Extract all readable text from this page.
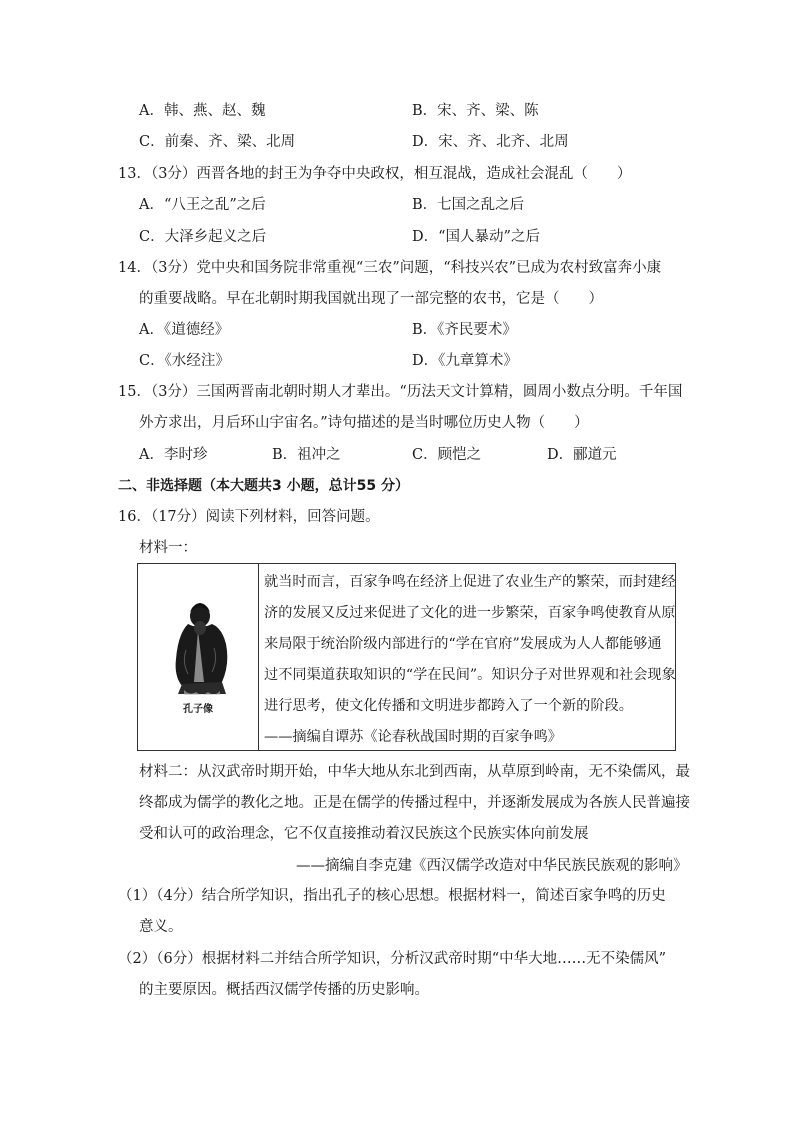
A．韩、燕、赵、魏	B．宋、齐、梁、陈
C．前秦、齐、梁、北周	D．宋、齐、北齐、北周
13．（3分）西晋各地的封王为争夺中央政权，相互混战，造成社会混乱（　　）
A．“八王之乱”之后	B．七国之乱之后
C．大泽乡起义之后	D．“国人暴动”之后
14．（3分）党中央和国务院非常重视“三农”问题，“科技兴农”已成为农村致富奔小康
的重要战略。早在北朝时期我国就出现了一部完整的农书，它是（　　）
A．《道德经》	B．《齐民要术》
C．《水经注》	D．《九章算术》
15．（3分）三国两晋南北朝时期人才辈出。“历法天文计算精，圆周小数点分明。千年国
外方求出，月后环山宇宙名。”诗句描述的是当时哪位历史人物（　　）
A．李时珍	B．祖冲之	C．顾恺之	D．郦道元
二、非选择题（本大题共3 小题，总计55 分）
16．（17分）阅读下列材料，回答问题。
材料一：
孔子像
就当时而言，百家争鸣在经济上促进了农业生产的繁荣，而封建经
济的发展又反过来促进了文化的进一步繁荣，百家争鸣使教育从原
来局限于统治阶级内部进行的“学在官府”发展成为人人都能够通
过不同渠道获取知识的“学在民间”。知识分子对世界观和社会现象
进行思考，使文化传播和文明进步都跨入了一个新的阶段。
——摘编自谭苏《论春秋战国时期的百家争鸣》
材料二：从汉武帝时期开始，中华大地从东北到西南，从草原到岭南，无不染儒风，最
终都成为儒学的教化之地。正是在儒学的传播过程中，并逐渐发展成为各族人民普遍接
受和认可的政治理念，它不仅直接推动着汉民族这个民族实体向前发展
——摘编自李克建《西汉儒学改造对中华民族民族观的影响》
（1）（4分）结合所学知识，指出孔子的核心思想。根据材料一，简述百家争鸣的历史
意义。
（2）（6分）根据材料二并结合所学知识，分析汉武帝时期“中华大地……无不染儒风”
的主要原因。概括西汉儒学传播的历史影响。
